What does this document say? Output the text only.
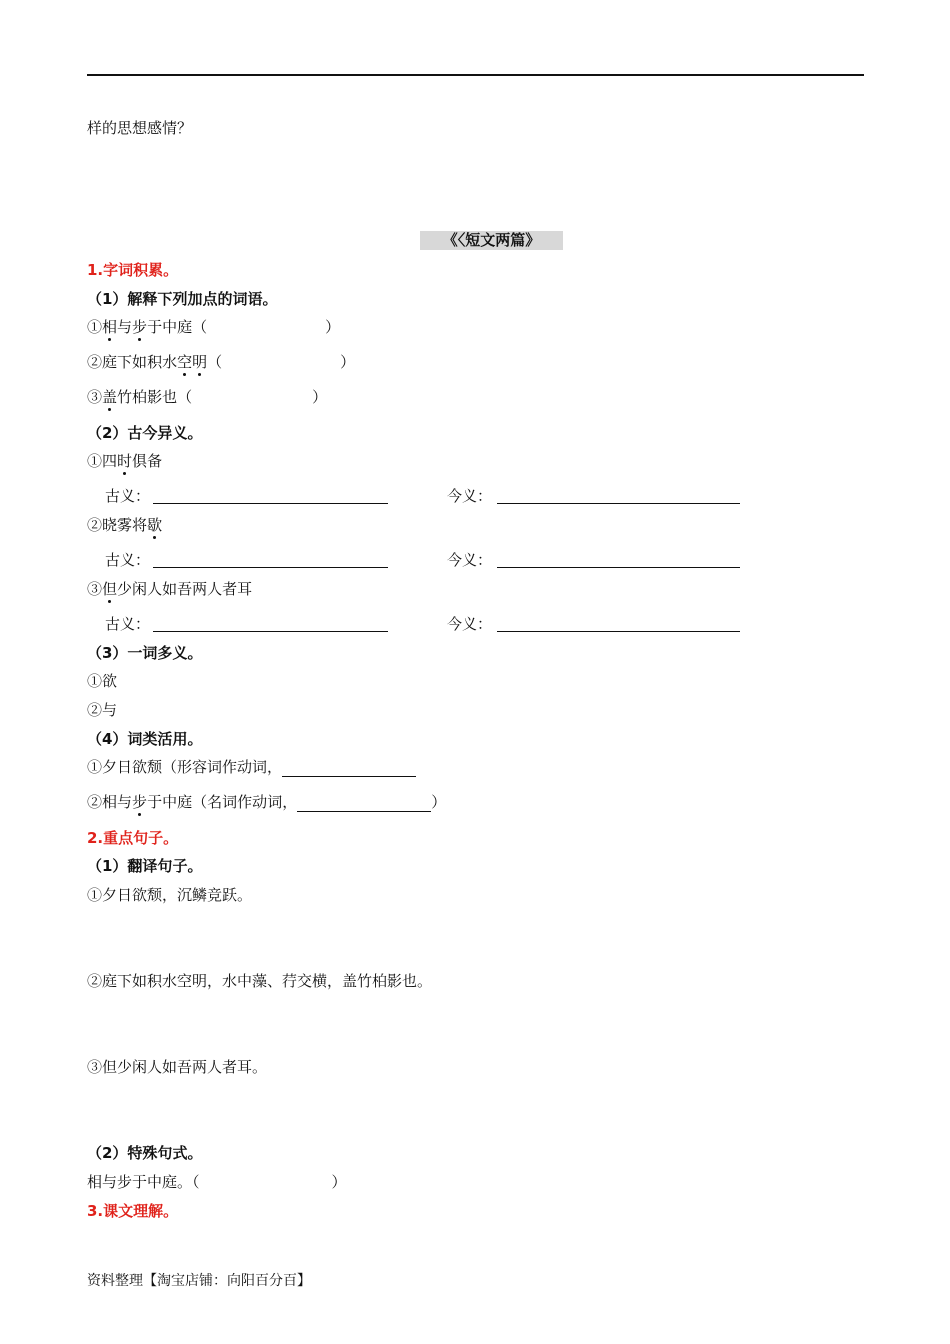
样的思想感情？
《〈短文两篇》
1.字词积累。
（1）解释下列加点的词语。
①相与步于中庭（	）
②庭下如积水空明（	）
③盖竹柏影也（	）
（2）古今异义。
①四时俱备
古义：	今义：
②晓雾将歇
古义：	今义：
③但少闲人如吾两人者耳
古义：	今义：
（3）一词多义。
①欲
②与
（4）词类活用。
①夕日欲颓（形容词作动词，
②相与步于中庭（名词作动词，	）
2.重点句子。
（1）翻译句子。
①夕日欲颓，沉鳞竞跃。
②庭下如积水空明，水中藻、荇交横，盖竹柏影也。
③但少闲人如吾两人者耳。
（2）特殊句式。
相与步于中庭。（	）
3.课文理解。
资料整理【淘宝店铺：向阳百分百】
